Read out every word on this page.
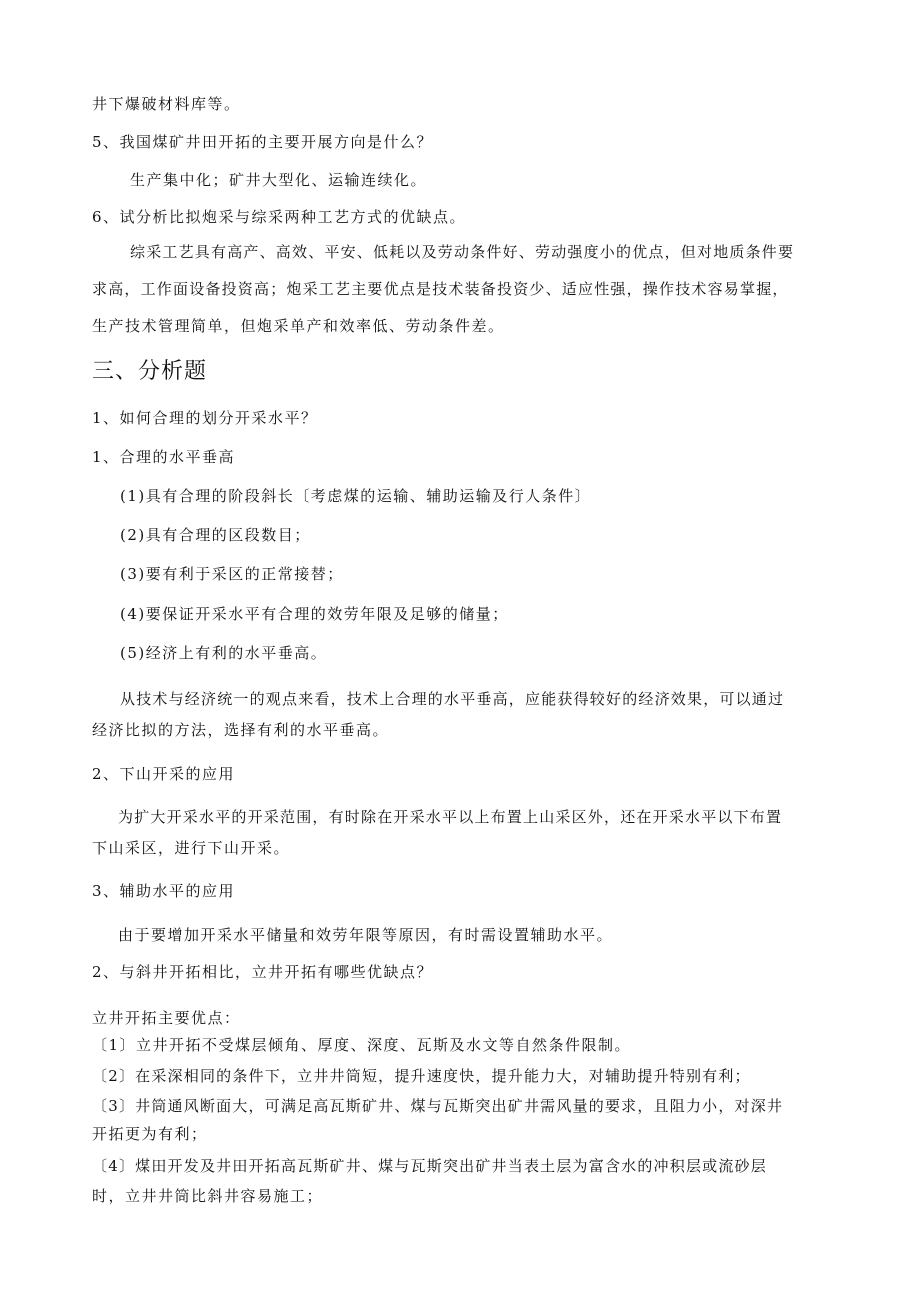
井下爆破材料库等。
5、我国煤矿井田开拓的主要开展方向是什么？
生产集中化；矿井大型化、运输连续化。
6、试分析比拟炮采与综采两种工艺方式的优缺点。
综采工艺具有高产、高效、平安、低耗以及劳动条件好、劳动强度小的优点，但对地质条件要
求高，工作面设备投资高；炮采工艺主要优点是技术装备投资少、适应性强，操作技术容易掌握，
生产技术管理简单，但炮采单产和效率低、劳动条件差。
三、分析题
1、如何合理的划分开采水平？
1、合理的水平垂高
(1)具有合理的阶段斜长〔考虑煤的运输、辅助运输及行人条件〕
(2)具有合理的区段数目；
(3)要有利于采区的正常接替；
(4)要保证开采水平有合理的效劳年限及足够的储量；
(5)经济上有利的水平垂高。
从技术与经济统一的观点来看，技术上合理的水平垂高，应能获得较好的经济效果，可以通过
经济比拟的方法，选择有利的水平垂高。
2、下山开采的应用
为扩大开采水平的开采范围，有时除在开采水平以上布置上山采区外，还在开采水平以下布置
下山采区，进行下山开采。
3、辅助水平的应用
由于要增加开采水平储量和效劳年限等原因，有时需设置辅助水平。
2、与斜井开拓相比，立井开拓有哪些优缺点？
立井开拓主要优点：
〔1〕立井开拓不受煤层倾角、厚度、深度、瓦斯及水文等自然条件限制。
〔2〕在采深相同的条件下，立井井筒短，提升速度快，提升能力大，对辅助提升特别有利；
〔3〕井筒通风断面大，可满足高瓦斯矿井、煤与瓦斯突出矿井需风量的要求，且阻力小，对深井
开拓更为有利；
〔4〕煤田开发及井田开拓高瓦斯矿井、煤与瓦斯突出矿井当表土层为富含水的冲积层或流砂层
时，立井井筒比斜井容易施工；
